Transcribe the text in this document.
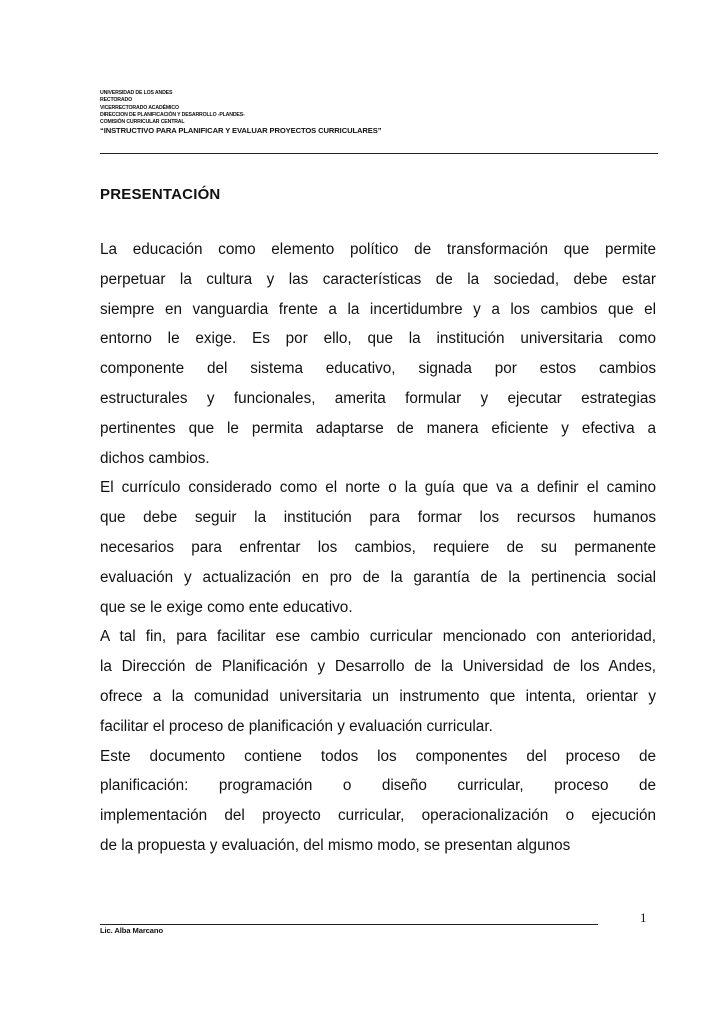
UNIVERSIDAD DE LOS ANDES
RECTORADO
VICERRECTORADO ACADÉMICO
DIRECCION DE PLANIFICACIÓN Y DESARROLLO -PLANDES-
COMISIÓN CURRICULAR CENTRAL
“INSTRUCTIVO PARA PLANIFICAR Y EVALUAR PROYECTOS CURRICULARES”
PRESENTACIÓN
La educación como elemento político de transformación que permite
perpetuar la cultura y las características de la sociedad, debe estar
siempre en vanguardia frente a la incertidumbre y a los cambios que el
entorno le exige. Es por ello, que la institución universitaria como
componente del sistema educativo, signada por estos cambios
estructurales y funcionales, amerita formular y ejecutar estrategias
pertinentes que le permita adaptarse de manera eficiente y efectiva a
dichos cambios.
El currículo considerado como el norte o la guía que va a definir el camino
que debe seguir la institución para formar los recursos humanos
necesarios para enfrentar los cambios, requiere de su permanente
evaluación y actualización en pro de la garantía de la pertinencia social
que se le exige como ente educativo.
A tal fin, para facilitar ese cambio curricular mencionado con anterioridad,
la Dirección de Planificación y Desarrollo de la Universidad de los Andes,
ofrece a la comunidad universitaria un instrumento que intenta, orientar y
facilitar el proceso de planificación y evaluación curricular.
Este documento contiene todos los componentes del proceso de
planificación: programación o diseño curricular, proceso de
implementación del proyecto curricular, operacionalización o ejecución
de la propuesta y evaluación, del mismo modo, se presentan algunos
Lic. Alba Marcano
1
